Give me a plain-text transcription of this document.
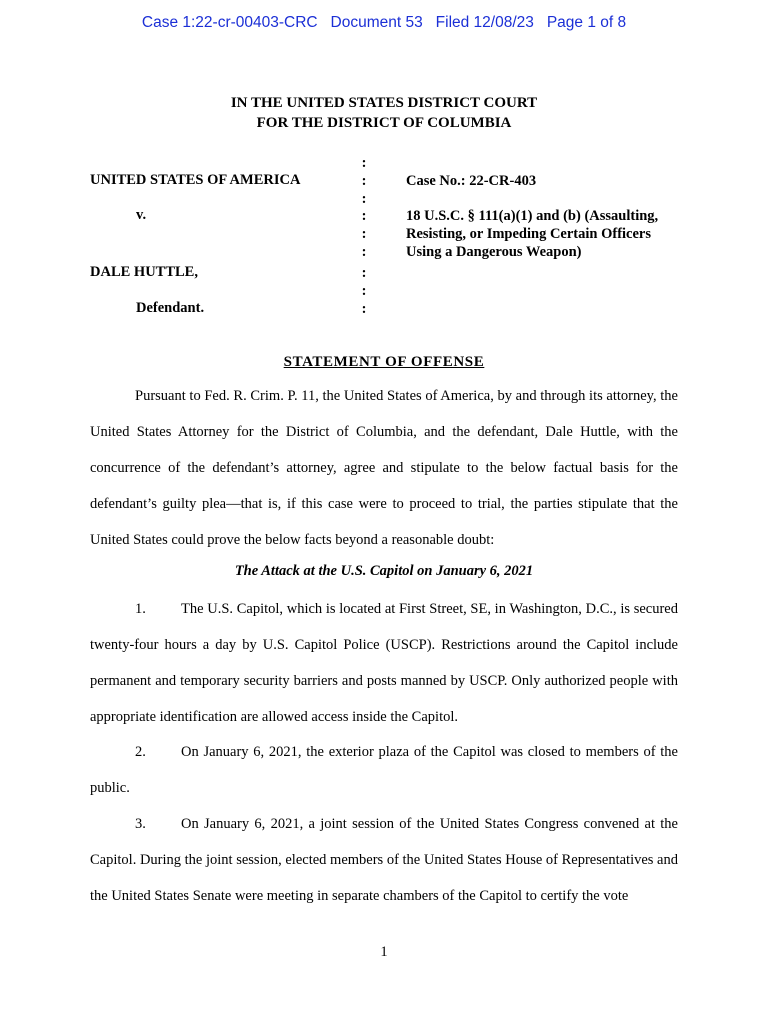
Case 1:22-cr-00403-CRC   Document 53   Filed 12/08/23   Page 1 of 8
IN THE UNITED STATES DISTRICT COURT
FOR THE DISTRICT OF COLUMBIA
UNITED STATES OF AMERICA
v.
DALE HUTTLE,
Defendant.
:
:
:
:
:
:
:
:
:
Case No.: 22-CR-403
18 U.S.C. § 111(a)(1) and (b) (Assaulting,
Resisting, or Impeding Certain Officers
Using a Dangerous Weapon)
STATEMENT OF OFFENSE
Pursuant to Fed. R. Crim. P. 11, the United States of America, by and through its attorney, the United States Attorney for the District of Columbia, and the defendant, Dale Huttle, with the concurrence of the defendant’s attorney, agree and stipulate to the below factual basis for the defendant’s guilty plea—that is, if this case were to proceed to trial, the parties stipulate that the United States could prove the below facts beyond a reasonable doubt:
The Attack at the U.S. Capitol on January 6, 2021
1. The U.S. Capitol, which is located at First Street, SE, in Washington, D.C., is secured twenty-four hours a day by U.S. Capitol Police (USCP). Restrictions around the Capitol include permanent and temporary security barriers and posts manned by USCP. Only authorized people with appropriate identification are allowed access inside the Capitol.
2. On January 6, 2021, the exterior plaza of the Capitol was closed to members of the public.
3. On January 6, 2021, a joint session of the United States Congress convened at the Capitol. During the joint session, elected members of the United States House of Representatives and the United States Senate were meeting in separate chambers of the Capitol to certify the vote
1
